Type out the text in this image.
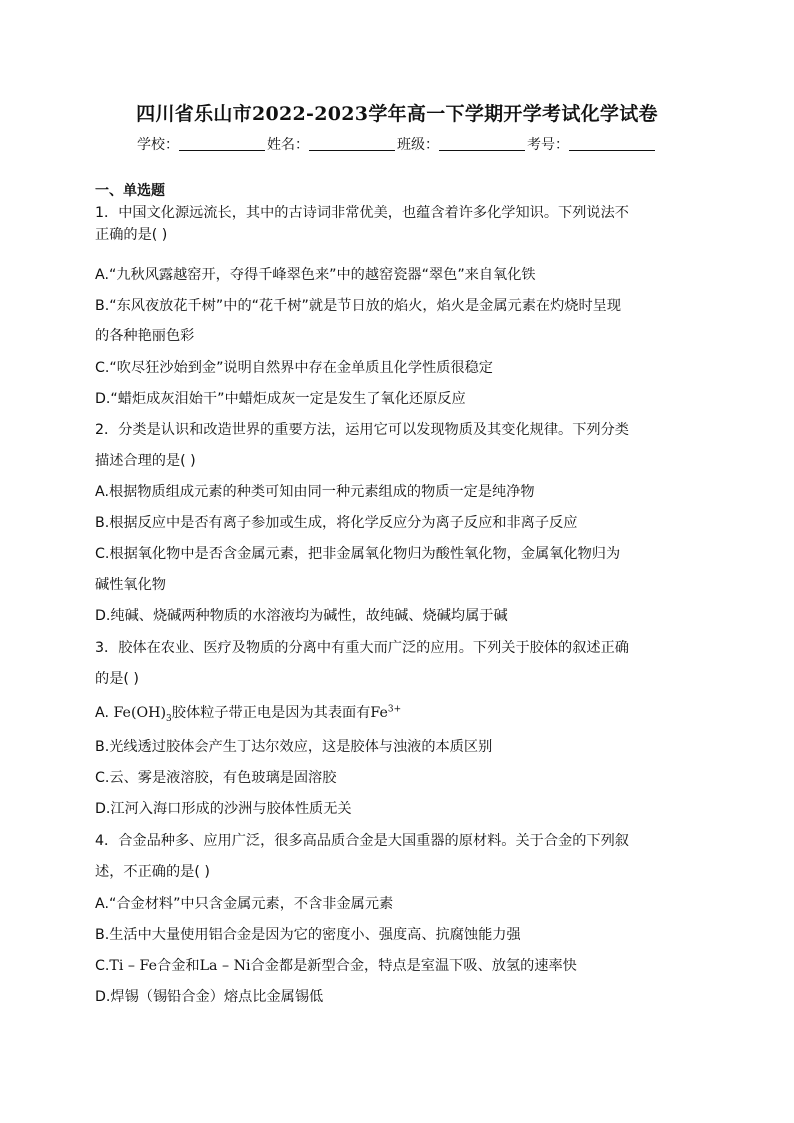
四川省乐山市2022-2023学年高一下学期开学考试化学试卷
学校：	姓名：	班级：	考号：
一、单选题
1．中国文化源远流长，其中的古诗词非常优美，也蕴含着许多化学知识。下列说法不
正确的是( )
A.“九秋风露越窑开，夺得千峰翠色来”中的越窑瓷器“翠色”来自氧化铁
B.“东风夜放花千树”中的“花千树”就是节日放的焰火，焰火是金属元素在灼烧时呈现
的各种艳丽色彩
C.“吹尽狂沙始到金”说明自然界中存在金单质且化学性质很稳定
D.“蜡炬成灰泪始干”中蜡炬成灰一定是发生了氧化还原反应
2．分类是认识和改造世界的重要方法，运用它可以发现物质及其变化规律。下列分类
描述合理的是( )
A.根据物质组成元素的种类可知由同一种元素组成的物质一定是纯净物
B.根据反应中是否有离子参加或生成，将化学反应分为离子反应和非离子反应
C.根据氧化物中是否含金属元素，把非金属氧化物归为酸性氧化物，金属氧化物归为
碱性氧化物
D.纯碱、烧碱两种物质的水溶液均为碱性，故纯碱、烧碱均属于碱
3．胶体在农业、医疗及物质的分离中有重大而广泛的应用。下列关于胶体的叙述正确
的是( )
A. $Fe(OH)_3$胶体粒子带正电是因为其表面有$Fe^{3+}$
B.光线透过胶体会产生丁达尔效应，这是胶体与浊液的本质区别
C.云、雾是液溶胶，有色玻璃是固溶胶
D.江河入海口形成的沙洲与胶体性质无关
4．合金品种多、应用广泛，很多高品质合金是大国重器的原材料。关于合金的下列叙
述，不正确的是( )
A.“合金材料”中只含金属元素，不含非金属元素
B.生活中大量使用铝合金是因为它的密度小、强度高、抗腐蚀能力强
C.Ti – Fe合金和La – Ni合金都是新型合金，特点是室温下吸、放氢的速率快
D.焊锡（锡铅合金）熔点比金属锡低
